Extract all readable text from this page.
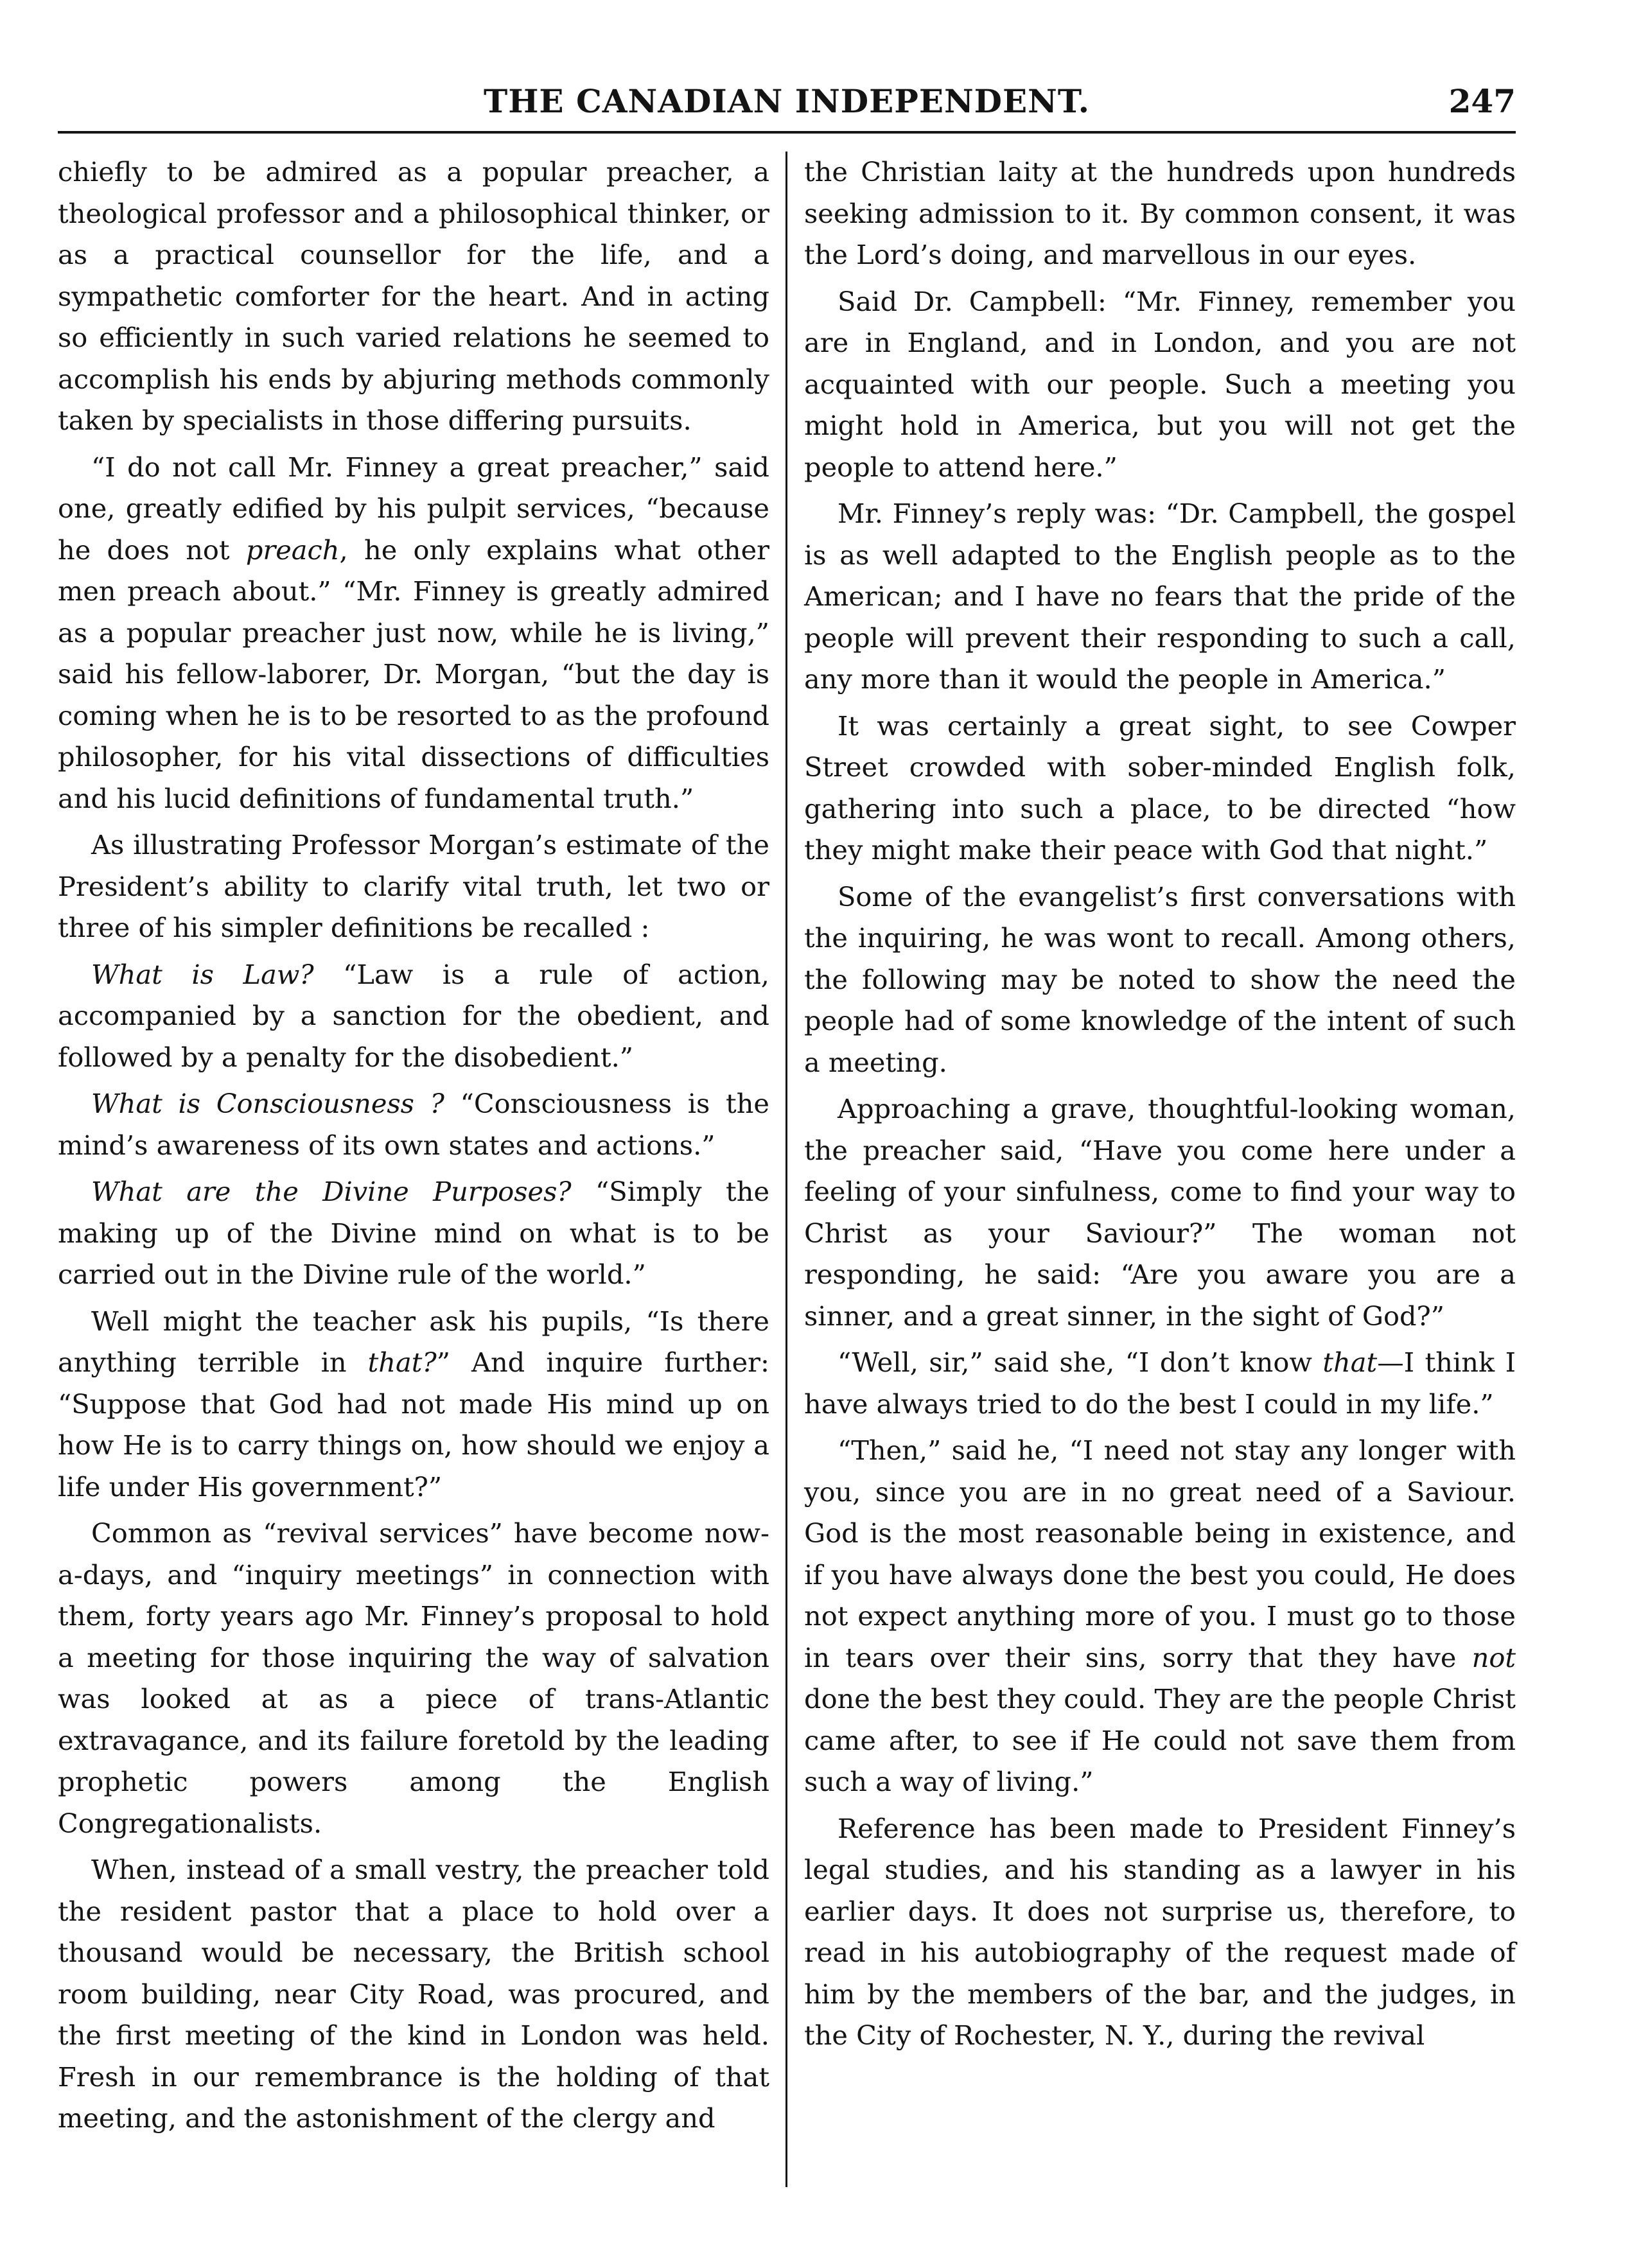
THE CANADIAN INDEPENDENT.	247

chiefly to be admired as a popular preacher, a theological professor and a philosophical thinker, or as a practical counsellor for the life, and a sympathetic comforter for the heart. And in acting so efficiently in such varied relations he seemed to accomplish his ends by abjuring methods commonly taken by specialists in those differing pursuits.

“I do not call Mr. Finney a great preacher,” said one, greatly edified by his pulpit services, “because he does not preach, he only explains what other men preach about.” “Mr. Finney is greatly admired as a popular preacher just now, while he is living,” said his fellow-laborer, Dr. Morgan, “but the day is coming when he is to be resorted to as the profound philosopher, for his vital dissections of difficulties and his lucid definitions of fundamental truth.”

As illustrating Professor Morgan’s estimate of the President’s ability to clarify vital truth, let two or three of his simpler definitions be recalled :

What is Law? “Law is a rule of action, accompanied by a sanction for the obedient, and followed by a penalty for the disobedient.”

What is Consciousness ? “Consciousness is the mind’s awareness of its own states and actions.”

What are the Divine Purposes? “Simply the making up of the Divine mind on what is to be carried out in the Divine rule of the world.”

Well might the teacher ask his pupils, “Is there anything terrible in that?” And inquire further: “Suppose that God had not made His mind up on how He is to carry things on, how should we enjoy a life under His government?”

Common as “revival services” have become now-a-days, and “inquiry meetings” in connection with them, forty years ago Mr. Finney’s proposal to hold a meeting for those inquiring the way of salvation was looked at as a piece of trans-Atlantic extravagance, and its failure foretold by the leading prophetic powers among the English Congregationalists.

When, instead of a small vestry, the preacher told the resident pastor that a place to hold over a thousand would be necessary, the British school room building, near City Road, was procured, and the first meeting of the kind in London was held. Fresh in our remembrance is the holding of that meeting, and the astonishment of the clergy and

the Christian laity at the hundreds upon hundreds seeking admission to it. By common consent, it was the Lord’s doing, and marvellous in our eyes.

Said Dr. Campbell: “Mr. Finney, remember you are in England, and in London, and you are not acquainted with our people. Such a meeting you might hold in America, but you will not get the people to attend here.”

Mr. Finney’s reply was: “Dr. Campbell, the gospel is as well adapted to the English people as to the American; and I have no fears that the pride of the people will prevent their responding to such a call, any more than it would the people in America.”

It was certainly a great sight, to see Cowper Street crowded with sober-minded English folk, gathering into such a place, to be directed “how they might make their peace with God that night.”

Some of the evangelist’s first conversations with the inquiring, he was wont to recall. Among others, the following may be noted to show the need the people had of some knowledge of the intent of such a meeting.

Approaching a grave, thoughtful-looking woman, the preacher said, “Have you come here under a feeling of your sinfulness, come to find your way to Christ as your Saviour?” The woman not responding, he said: “Are you aware you are a sinner, and a great sinner, in the sight of God?”

“Well, sir,” said she, “I don’t know that—I think I have always tried to do the best I could in my life.”

“Then,” said he, “I need not stay any longer with you, since you are in no great need of a Saviour. God is the most reasonable being in existence, and if you have always done the best you could, He does not expect anything more of you. I must go to those in tears over their sins, sorry that they have not done the best they could. They are the people Christ came after, to see if He could not save them from such a way of living.”

Reference has been made to President Finney’s legal studies, and his standing as a lawyer in his earlier days. It does not surprise us, therefore, to read in his autobiography of the request made of him by the members of the bar, and the judges, in the City of Rochester, N. Y., during the revival
